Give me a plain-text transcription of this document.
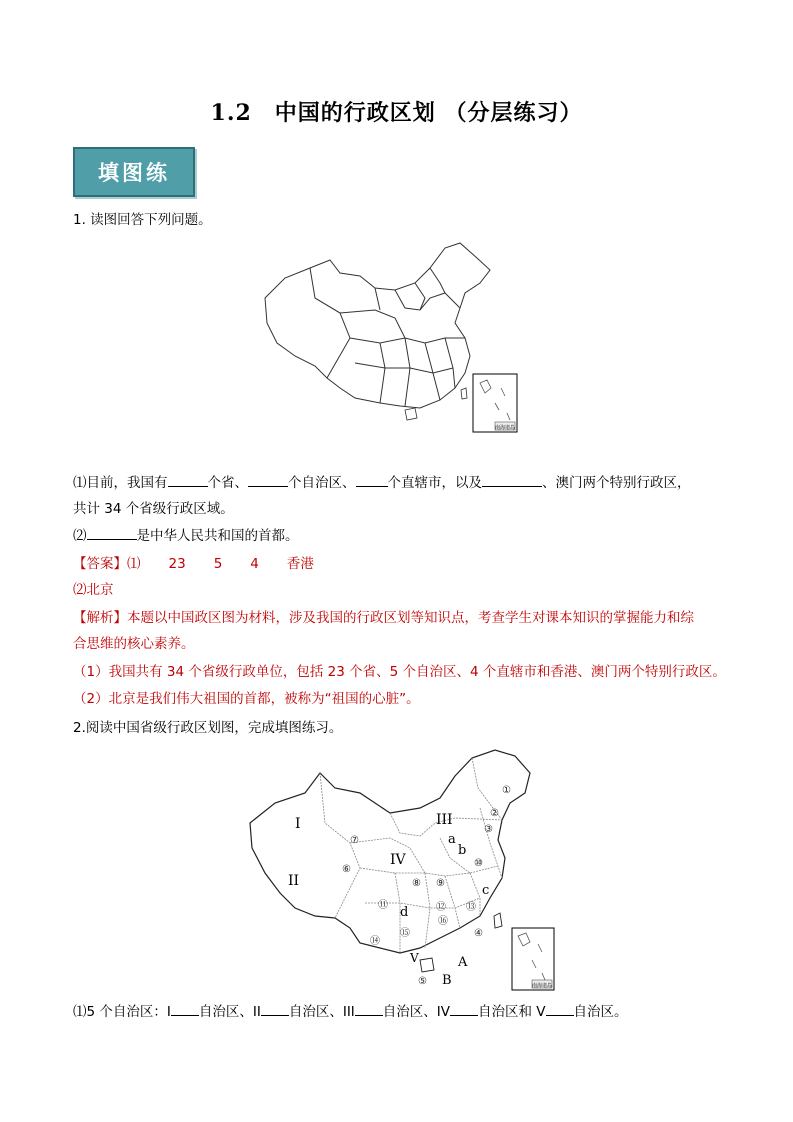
1.2　中国的行政区划 （分层练习）
填图练
1. 读图回答下列问题。
南海诸岛
⑴目前，我国有	个省、	个自治区、 个直辖市，以及	、澳门两个特别行政区，
共计 34 个省级行政区域。
⑵	是中华人民共和国的首都。
【答案】⑴ 23 5 4 香港
⑵北京
【解析】本题以中国政区图为材料，涉及我国的行政区划等知识点，考查学生对课本知识的掌握能力和综
合思维的核心素养。
（1）我国共有 34 个省级行政单位，包括 23 个省、5 个自治区、4 个直辖市和香港、澳门两个特别行政区。
（2）北京是我们伟大祖国的首都，被称为“祖国的心脏”。
2.阅读中国省级行政区划图，完成填图练习。
南海诸岛
I
II
III
IV
V
a
b
c
d
A
B
①
②
③
④
⑤
⑥
⑦
⑧ ⑨
⑩
⑪	⑫ ⑬
⑭
⑮
⑯
⑴5 个自治区：I 自治区、II 自治区、III 自治区、IV 自治区和 V 自治区。
